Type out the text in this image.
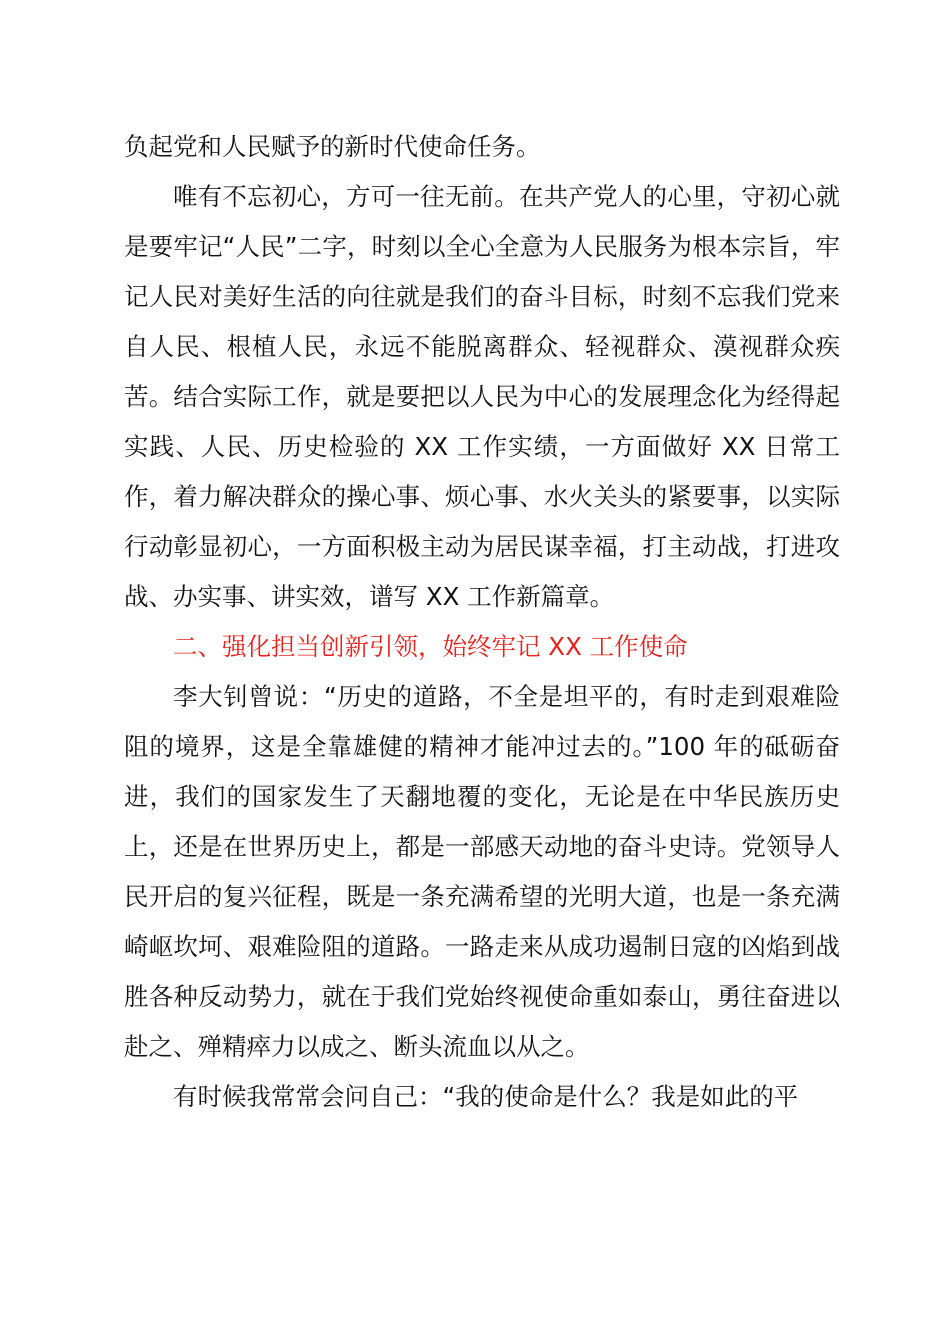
负起党和人民赋予的新时代使命任务。

唯有不忘初心，方可一往无前。在共产党人的心里，守初心就是要牢记“人民”二字，时刻以全心全意为人民服务为根本宗旨，牢记人民对美好生活的向往就是我们的奋斗目标，时刻不忘我们党来自人民、根植人民，永远不能脱离群众、轻视群众、漠视群众疾苦。结合实际工作，就是要把以人民为中心的发展理念化为经得起实践、人民、历史检验的 XX 工作实绩，一方面做好 XX 日常工作，着力解决群众的操心事、烦心事、水火关头的紧要事，以实际行动彰显初心，一方面积极主动为居民谋幸福，打主动战，打进攻战、办实事、讲实效，谱写 XX 工作新篇章。

二、强化担当创新引领，始终牢记 XX 工作使命

李大钊曾说：“历史的道路，不全是坦平的，有时走到艰难险阻的境界，这是全靠雄健的精神才能冲过去的。”100 年的砥砺奋进，我们的国家发生了天翻地覆的变化，无论是在中华民族历史上，还是在世界历史上，都是一部感天动地的奋斗史诗。党领导人民开启的复兴征程，既是一条充满希望的光明大道，也是一条充满崎岖坎坷、艰难险阻的道路。一路走来从成功遏制日寇的凶焰到战胜各种反动势力，就在于我们党始终视使命重如泰山，勇往奋进以赴之、殚精瘁力以成之、断头流血以从之。

有时候我常常会问自己：“我的使命是什么？我是如此的平
